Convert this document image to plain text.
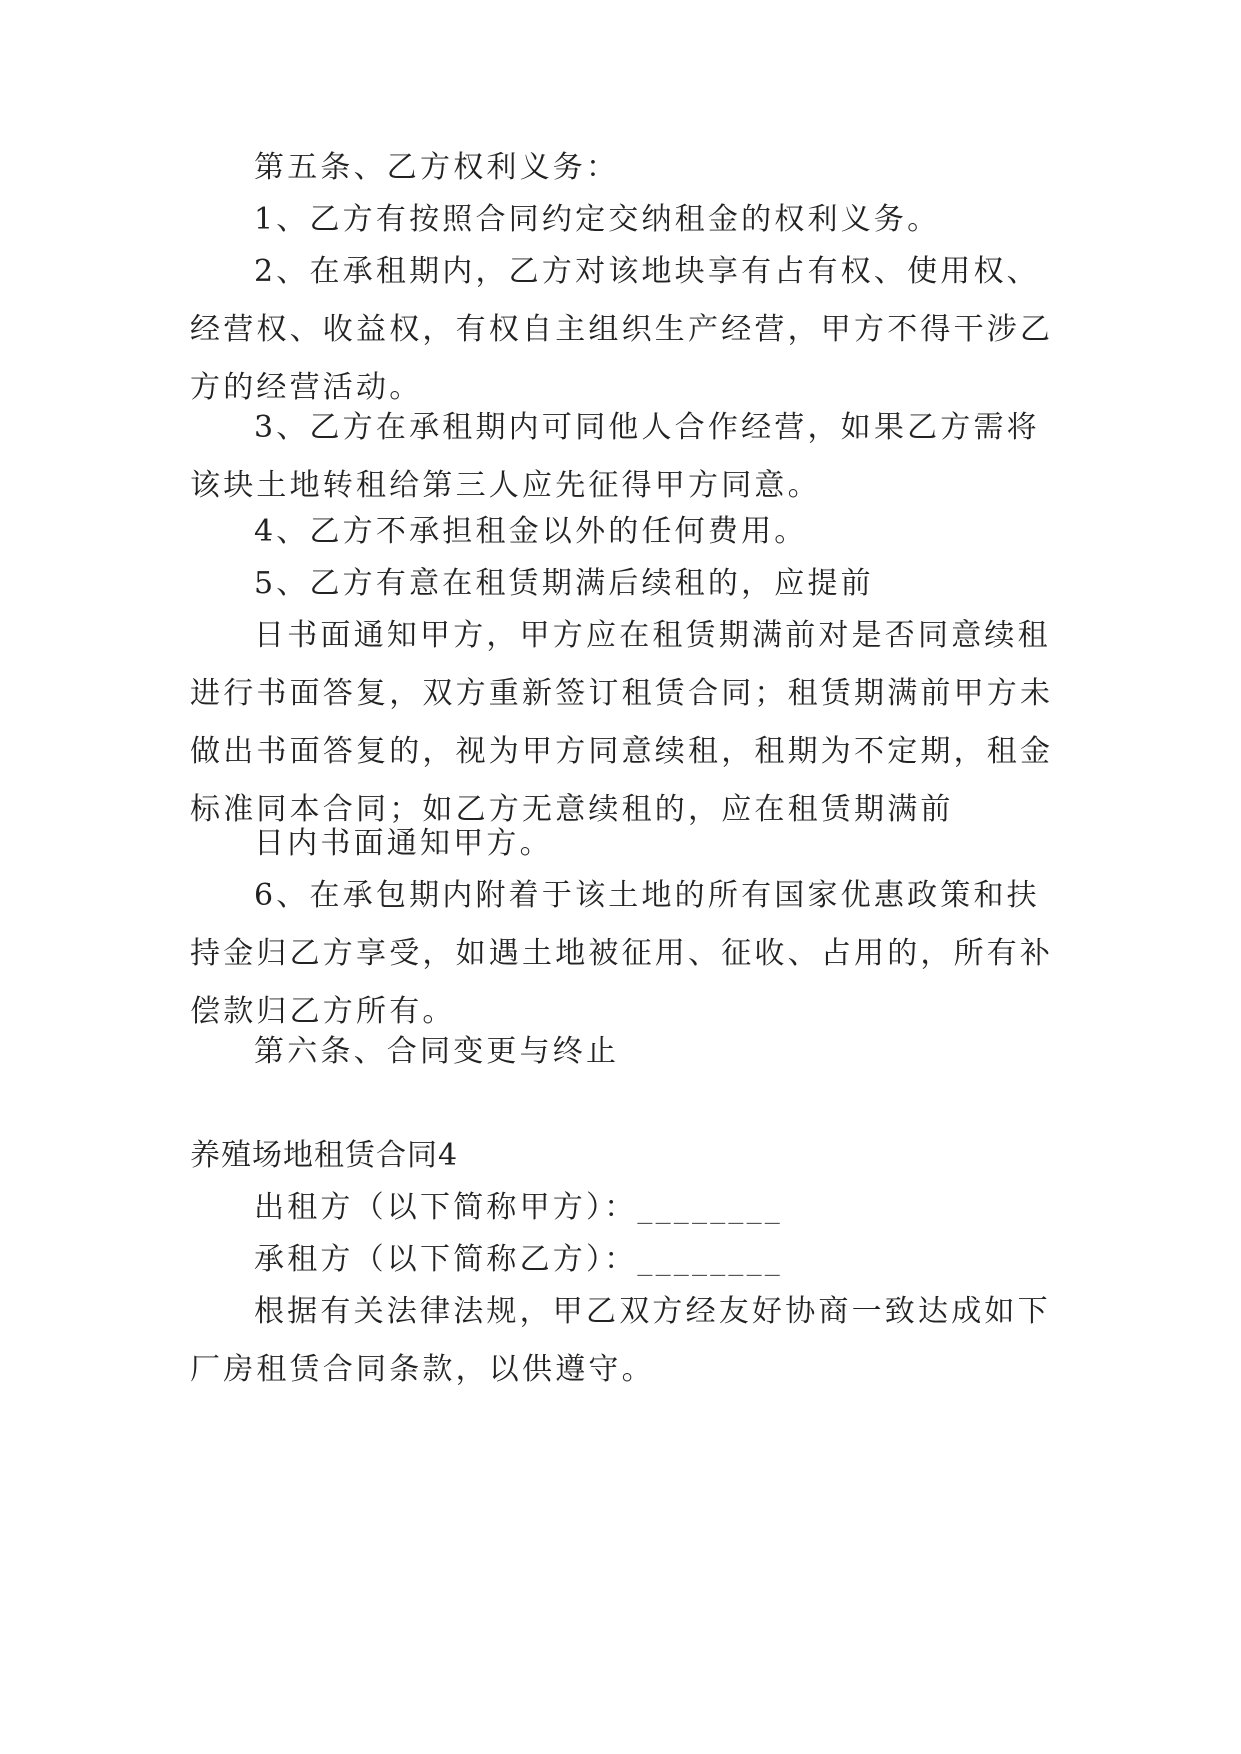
第五条、乙方权利义务：
1、乙方有按照合同约定交纳租金的权利义务。
2、在承租期内，乙方对该地块享有占有权、使用权、
经营权、收益权，有权自主组织生产经营，甲方不得干涉乙
方的经营活动。
3、乙方在承租期内可同他人合作经营，如果乙方需将
该块土地转租给第三人应先征得甲方同意。
4、乙方不承担租金以外的任何费用。
5、乙方有意在租赁期满后续租的，应提前
日书面通知甲方，甲方应在租赁期满前对是否同意续租
进行书面答复，双方重新签订租赁合同；租赁期满前甲方未
做出书面答复的，视为甲方同意续租，租期为不定期，租金
标准同本合同；如乙方无意续租的，应在租赁期满前
日内书面通知甲方。
6、在承包期内附着于该土地的所有国家优惠政策和扶
持金归乙方享受，如遇土地被征用、征收、占用的，所有补
偿款归乙方所有。
第六条、合同变更与终止
养殖场地租赁合同4
出租方（以下简称甲方）：________
承租方（以下简称乙方）：________
根据有关法律法规，甲乙双方经友好协商一致达成如下
厂房租赁合同条款，以供遵守。
